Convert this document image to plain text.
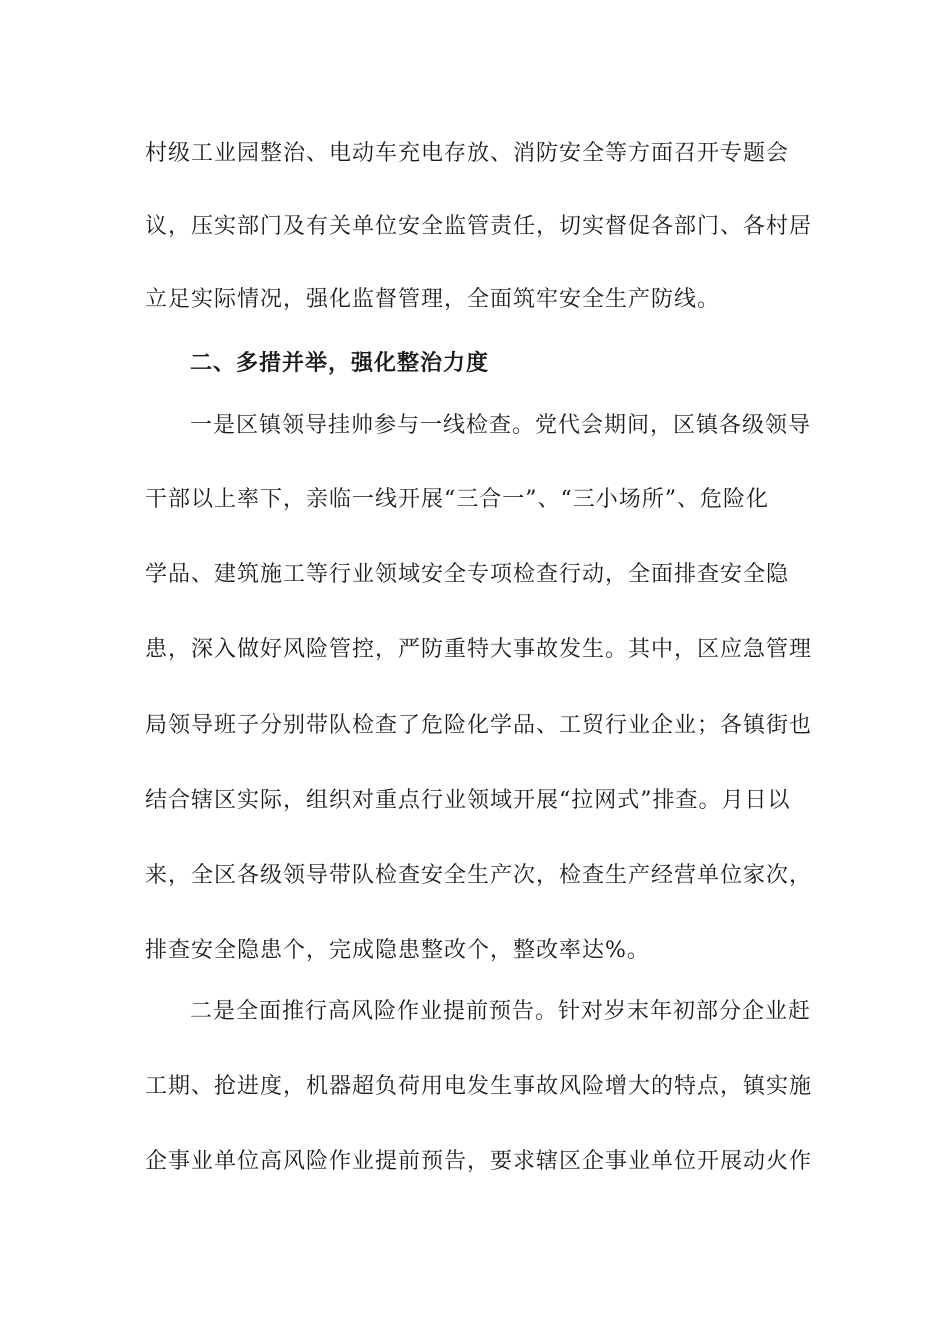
村级工业园整治、电动车充电存放、消防安全等方面召开专题会
议，压实部门及有关单位安全监管责任，切实督促各部门、各村居
立足实际情况，强化监督管理，全面筑牢安全生产防线。
二、多措并举，强化整治力度
一是区镇领导挂帅参与一线检查。党代会期间，区镇各级领导
干部以上率下，亲临一线开展“三合一”、“三小场所”、危险化
学品、建筑施工等行业领域安全专项检查行动，全面排查安全隐
患，深入做好风险管控，严防重特大事故发生。其中，区应急管理
局领导班子分别带队检查了危险化学品、工贸行业企业；各镇街也
结合辖区实际，组织对重点行业领域开展“拉网式”排查。月日以
来，全区各级领导带队检查安全生产次，检查生产经营单位家次，
排查安全隐患个，完成隐患整改个，整改率达%。
二是全面推行高风险作业提前预告。针对岁末年初部分企业赶
工期、抢进度，机器超负荷用电发生事故风险增大的特点，镇实施
企事业单位高风险作业提前预告，要求辖区企事业单位开展动火作
